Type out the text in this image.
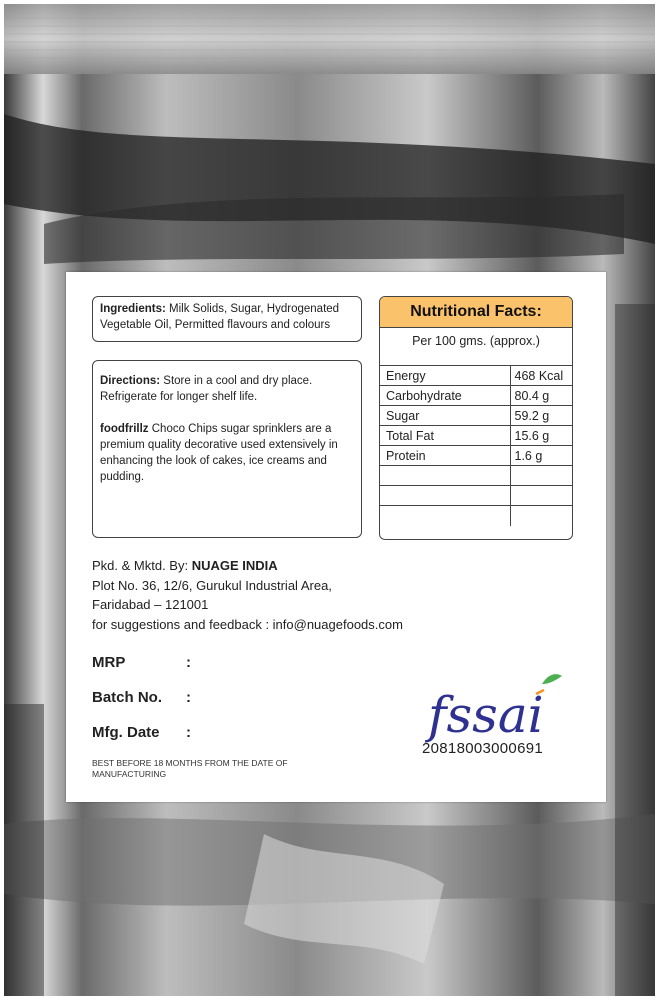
Ingredients: Milk Solids, Sugar, Hydrogenated Vegetable Oil, Permitted flavours and colours
Directions: Store in a cool and dry place. Refrigerate for longer shelf life.
foodfrillz Choco Chips sugar sprinklers are a premium quality decorative used extensively in enhancing the look of cakes, ice creams and pudding.
Nutritional Facts:
Per 100 gms. (approx.)
Energy	468 Kcal
Carbohydrate	80.4 g
Sugar	59.2 g
Total Fat	15.6 g
Protein	1.6 g

Pkd. & Mktd. By: NUAGE INDIA
Plot No. 36, 12/6, Gurukul Industrial Area,
Faridabad – 121001
for suggestions and feedback : info@nuagefoods.com
MRP	:
Batch No. :
Mfg. Date :
BEST BEFORE 18 MONTHS FROM THE DATE OF MANUFACTURING
fssai
20818003000691
